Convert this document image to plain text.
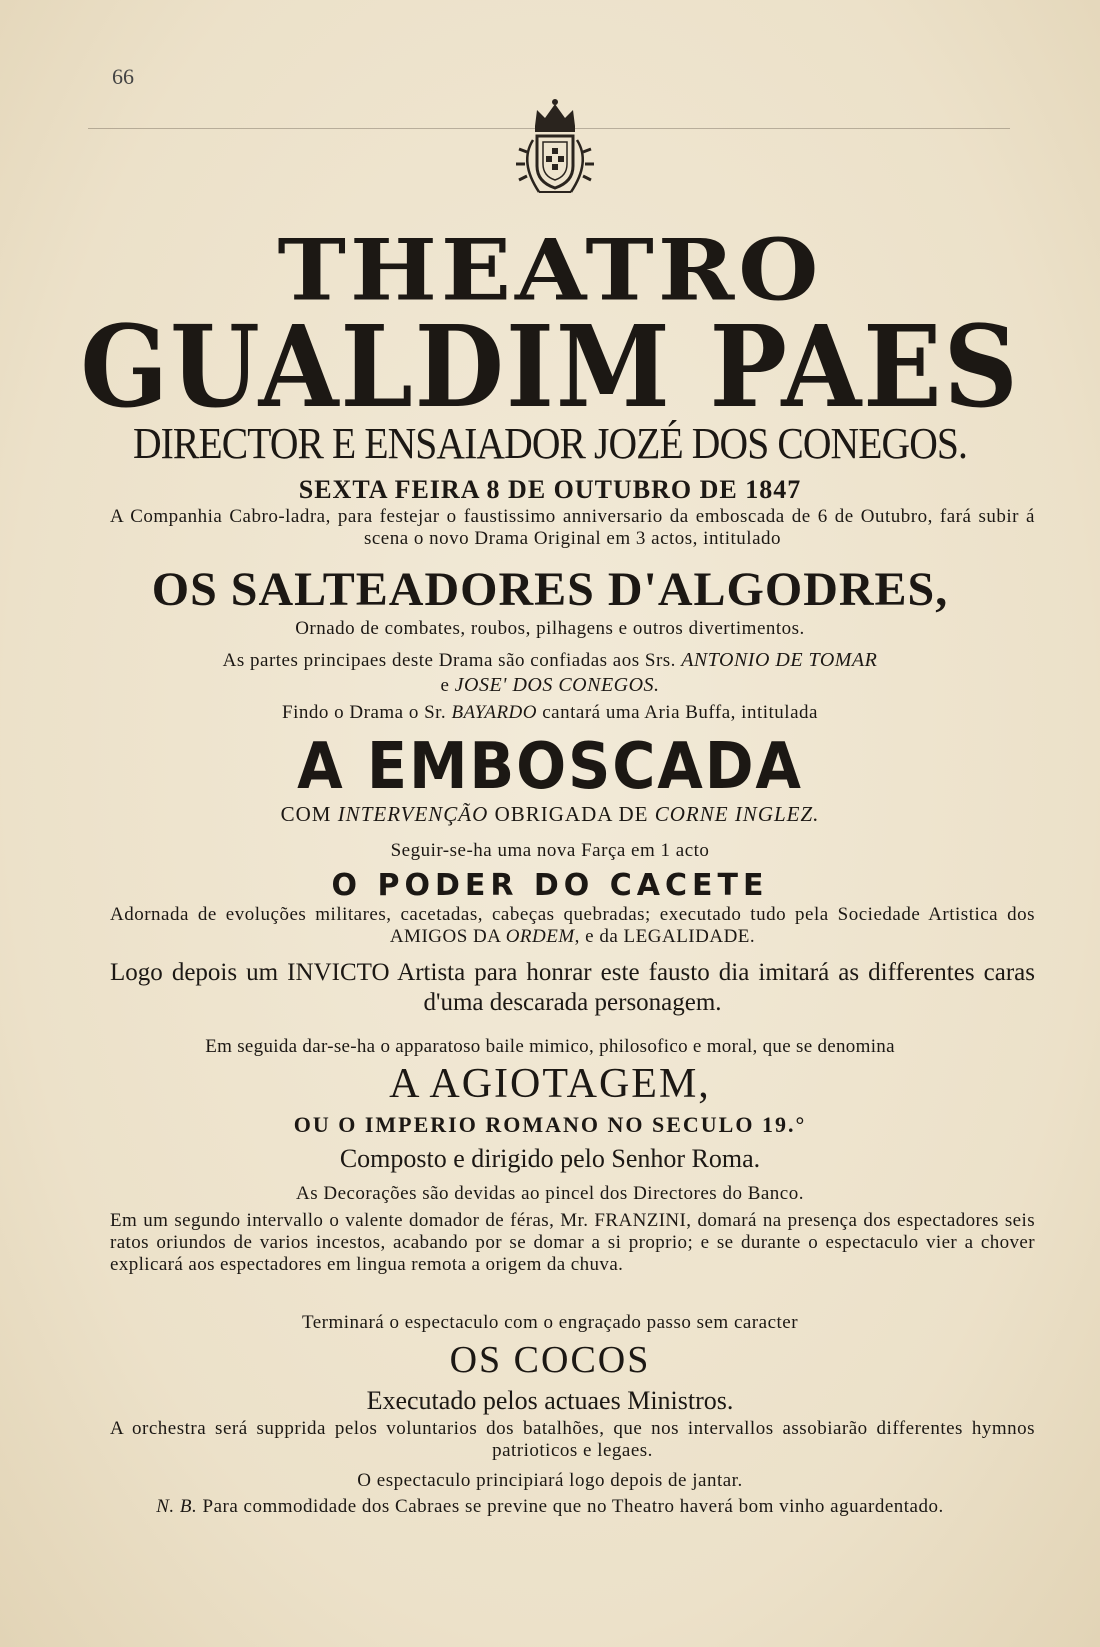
66
THEATRO
GUALDIM PAES
DIRECTOR E ENSAIADOR JOZÉ DOS CONEGOS.
SEXTA FEIRA 8 DE OUTUBRO DE 1847
A Companhia Cabro-ladra, para festejar o faustissimo anniversario da emboscada de 6 de Outubro, fará subir á scena o novo Drama Original em 3 actos, intitulado
OS SALTEADORES D'ALGODRES,
Ornado de combates, roubos, pilhagens e outros divertimentos.
As partes principaes deste Drama são confiadas aos Srs. ANTONIO DE TOMAR
e JOSE' DOS CONEGOS.
Findo o Drama o Sr. BAYARDO cantará uma Aria Buffa, intitulada
A EMBOSCADA
COM INTERVENÇÃO OBRIGADA DE CORNE INGLEZ.
Seguir-se-ha uma nova Farça em 1 acto
O PODER DO CACETE
Adornada de evoluções militares, cacetadas, cabeças quebradas; executado tudo pela Sociedade Artistica dos AMIGOS DA ORDEM, e da LEGALIDADE.
Logo depois um INVICTO Artista para honrar este fausto dia imitará as differentes caras d'uma descarada personagem.
Em seguida dar-se-ha o apparatoso baile mimico, philosofico e moral, que se denomina
A AGIOTAGEM,
OU O IMPERIO ROMANO NO SECULO 19.°
Composto e dirigido pelo Senhor Roma.
As Decorações são devidas ao pincel dos Directores do Banco.
Em um segundo intervallo o valente domador de féras, Mr. FRANZINI, domará na presença dos espectadores seis ratos oriundos de varios incestos, acabando por se domar a si proprio; e se durante o espectaculo vier a chover explicará aos espectadores em lingua remota a origem da chuva.
Terminará o espectaculo com o engraçado passo sem caracter
OS COCOS
Executado pelos actuaes Ministros.
A orchestra será supprida pelos voluntarios dos batalhões, que nos intervallos assobiarão differentes hymnos patrioticos e legaes.
O espectaculo principiará logo depois de jantar.
N. B. Para commodidade dos Cabraes se previne que no Theatro haverá bom vinho aguardentado.
